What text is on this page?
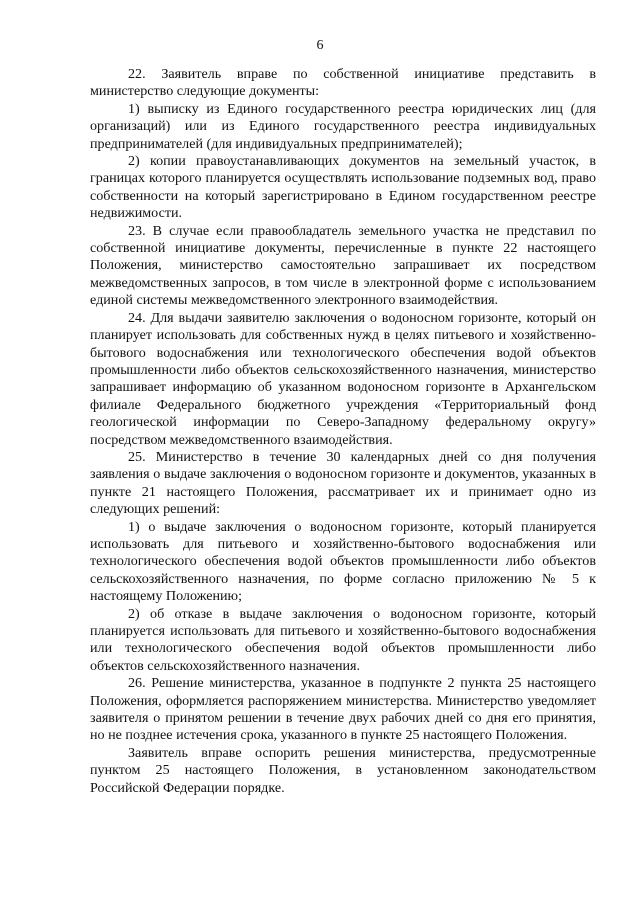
6

22. Заявитель вправе по собственной инициативе представить в министерство следующие документы:

1) выписку из Единого государственного реестра юридических лиц (для организаций) или из Единого государственного реестра индивидуальных предпринимателей (для индивидуальных предпринимателей);

2) копии правоустанавливающих документов на земельный участок, в границах которого планируется осуществлять использование подземных вод, право собственности на который зарегистрировано в Едином государственном реестре недвижимости.

23. В случае если правообладатель земельного участка не представил по собственной инициативе документы, перечисленные в пункте 22 настоящего Положения, министерство самостоятельно запрашивает их посредством межведомственных запросов, в том числе в электронной форме с использованием единой системы межведомственного электронного взаимодействия.

24. Для выдачи заявителю заключения о водоносном горизонте, который он планирует использовать для собственных нужд в целях питьевого и хозяйственно-бытового водоснабжения или технологического обеспечения водой объектов промышленности либо объектов сельскохозяйственного назначения, министерство запрашивает информацию об указанном водоносном горизонте в Архангельском филиале Федерального бюджетного учреждения «Территориальный фонд геологической информации по Северо-Западному федеральному округу» посредством межведомственного взаимодействия.

25. Министерство в течение 30 календарных дней со дня получения заявления о выдаче заключения о водоносном горизонте и документов, указанных в пункте 21 настоящего Положения, рассматривает их и принимает одно из следующих решений:

1) о выдаче заключения о водоносном горизонте, который планируется использовать для питьевого и хозяйственно-бытового водоснабжения или технологического обеспечения водой объектов промышленности либо объектов сельскохозяйственного назначения, по форме согласно приложению № 5 к настоящему Положению;

2) об отказе в выдаче заключения о водоносном горизонте, который планируется использовать для питьевого и хозяйственно-бытового водоснабжения или технологического обеспечения водой объектов промышленности либо объектов сельскохозяйственного назначения.

26. Решение министерства, указанное в подпункте 2 пункта 25 настоящего Положения, оформляется распоряжением министерства. Министерство уведомляет заявителя о принятом решении в течение двух рабочих дней со дня его принятия, но не позднее истечения срока, указанного в пункте 25 настоящего Положения.

Заявитель вправе оспорить решения министерства, предусмотренные пунктом 25 настоящего Положения, в установленном законодательством Российской Федерации порядке.
